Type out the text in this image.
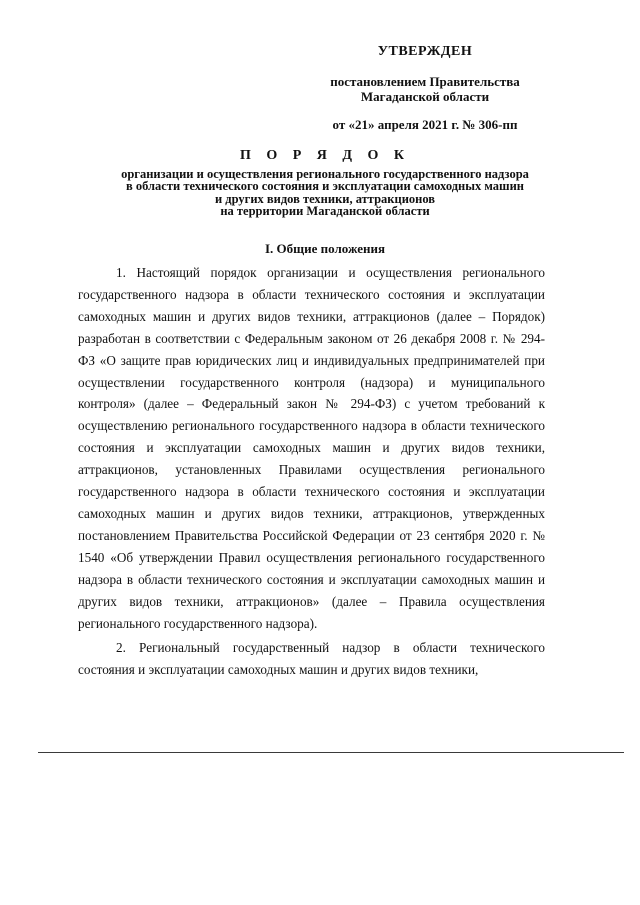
УТВЕРЖДЕН
постановлением Правительства
Магаданской области
от «21» апреля 2021 г. № 306-пп
П О Р Я Д О К
организации и осуществления регионального государственного надзора
в области технического состояния и эксплуатации самоходных машин
и других видов техники, аттракционов
на территории Магаданской области
I. Общие положения

1. Настоящий порядок организации и осуществления регионального государственного надзора в области технического состояния и эксплуатации самоходных машин и других видов техники, аттракционов (далее – Порядок) разработан в соответствии с Федеральным законом от 26 декабря 2008 г. № 294-ФЗ «О защите прав юридических лиц и индивидуальных предпринимателей при осуществлении государственного контроля (надзора) и муниципального контроля» (далее – Федеральный закон № 294-ФЗ) с учетом требований к осуществлению регионального государственного надзора в области технического состояния и эксплуатации самоходных машин и других видов техники, аттракционов, установленных Правилами осуществления регионального государственного надзора в области технического состояния и эксплуатации самоходных машин и других видов техники, аттракционов, утвержденных постановлением Правительства Российской Федерации от 23 сентября 2020 г. № 1540 «Об утверждении Правил осуществления регионального государственного надзора в области технического состояния и эксплуатации самоходных машин и других видов техники, аттракционов» (далее – Правила осуществления регионального государственного надзора).

2. Региональный государственный надзор в области технического состояния и эксплуатации самоходных машин и других видов техники,
